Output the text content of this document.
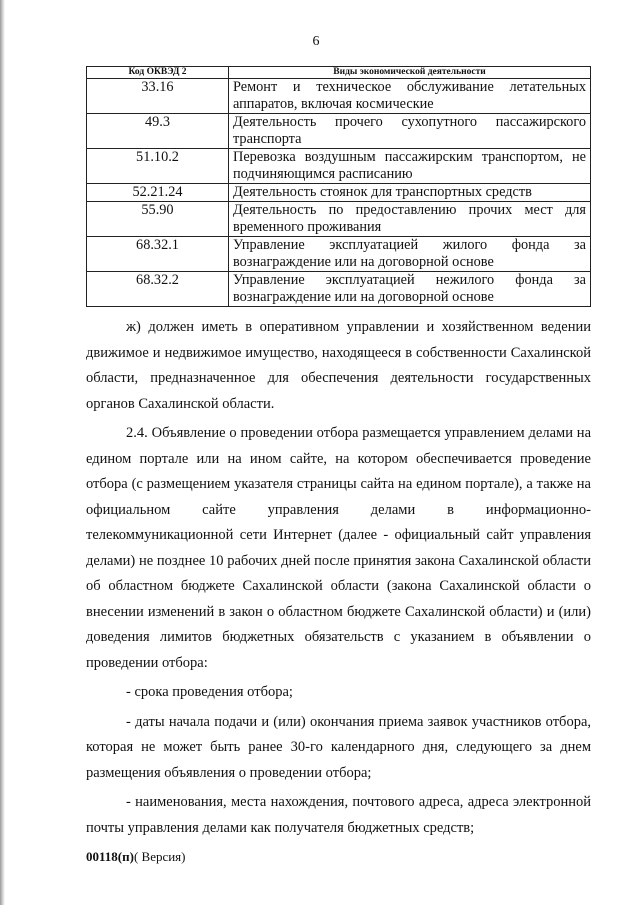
6
Код ОКВЭД 2	Виды экономической деятельности
33.16	Ремонт и техническое обслуживание летательных аппаратов, включая космические
49.3	Деятельность прочего сухопутного пассажирского транспорта
51.10.2	Перевозка воздушным пассажирским транспортом, не подчиняющимся расписанию
52.21.24	Деятельность стоянок для транспортных средств
55.90	Деятельность по предоставлению прочих мест для временного проживания
68.32.1	Управление эксплуатацией жилого фонда за вознаграждение или на договорной основе
68.32.2	Управление эксплуатацией нежилого фонда за вознаграждение или на договорной основе

ж) должен иметь в оперативном управлении и хозяйственном ведении движимое и недвижимое имущество, находящееся в собственности Сахалинской области, предназначенное для обеспечения деятельности государственных органов Сахалинской области.

2.4. Объявление о проведении отбора размещается управлением делами на едином портале или на ином сайте, на котором обеспечивается проведение отбора (с размещением указателя страницы сайта на едином портале), а также на официальном сайте управления делами в информационно-телекоммуникационной сети Интернет (далее - официальный сайт управления делами) не позднее 10 рабочих дней после принятия закона Сахалинской области об областном бюджете Сахалинской области (закона Сахалинской области о внесении изменений в закон о областном бюджете Сахалинской области) и (или) доведения лимитов бюджетных обязательств с указанием в объявлении о проведении отбора:

- срока проведения отбора;

- даты начала подачи и (или) окончания приема заявок участников отбора, которая не может быть ранее 30-го календарного дня, следующего за днем размещения объявления о проведении отбора;

- наименования, места нахождения, почтового адреса, адреса электронной почты управления делами как получателя бюджетных средств;

00118(п)( Версия)
